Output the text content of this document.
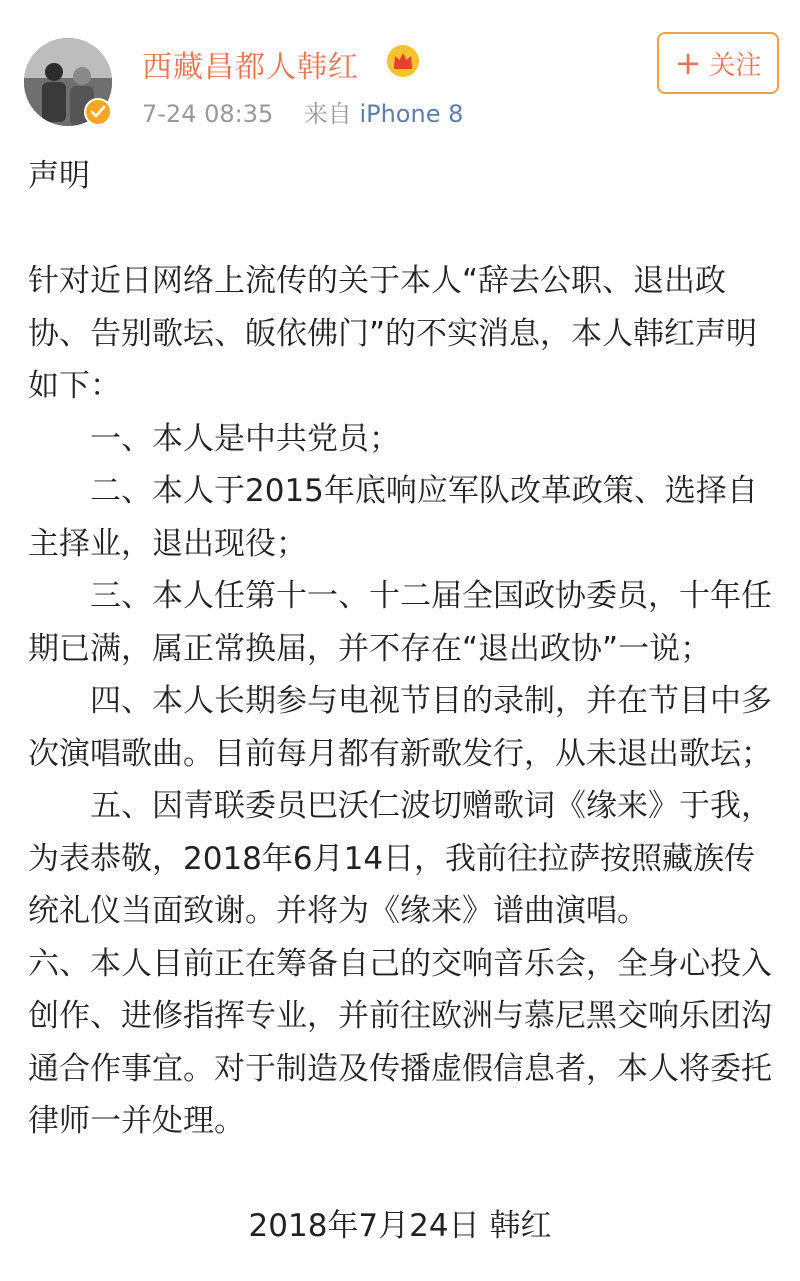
西藏昌都人韩红
7-24 08:35 来自 iPhone 8
+ 关注

声明

针对近日网络上流传的关于本人“辞去公职、退出政协、告别歌坛、皈依佛门”的不实消息，本人韩红声明如下：

一、本人是中共党员；

二、本人于2015年底响应军队改革政策、选择自主择业，退出现役；

三、本人任第十一、十二届全国政协委员，十年任期已满，属正常换届，并不存在“退出政协”一说；

四、本人长期参与电视节目的录制，并在节目中多次演唱歌曲。目前每月都有新歌发行，从未退出歌坛；

五、因青联委员巴沃仁波切赠歌词《缘来》于我，为表恭敬，2018年6月14日，我前往拉萨按照藏族传统礼仪当面致谢。并将为《缘来》谱曲演唱。

六、本人目前正在筹备自己的交响音乐会，全身心投入创作、进修指挥专业，并前往欧洲与慕尼黑交响乐团沟通合作事宜。对于制造及传播虚假信息者，本人将委托律师一并处理。

2018年7月24日 韩红
